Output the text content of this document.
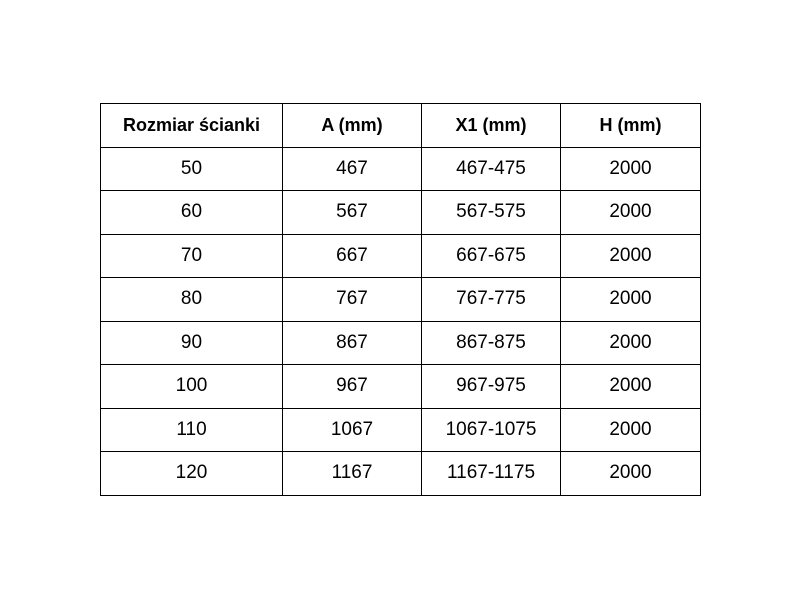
Rozmiar ścianki	A (mm)	X1 (mm)	H (mm)
50	467	467-475	2000
60	567	567-575	2000
70	667	667-675	2000
80	767	767-775	2000
90	867	867-875	2000
100	967	967-975	2000
110	1067	1067-1075	2000
120	1167	1167-1175	2000
